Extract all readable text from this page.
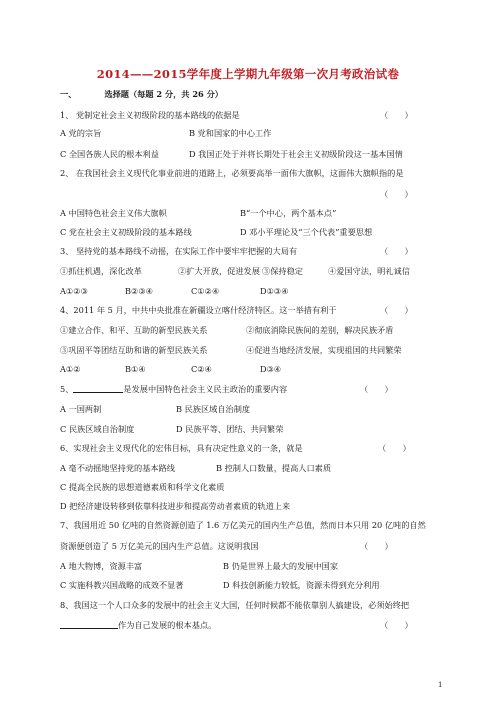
2014——2015学年度上学期九年级第一次月考政治试卷
一、	选择题（每题 2 分，共 26 分）
1、 党制定社会主义初级阶段的基本路线的依据是	（　　）
A 党的宗旨	B 党和国家的中心工作
C 全国各族人民的根本利益	D 我国正处于并将长期处于社会主义初级阶段这一基本国情
2、 在我国社会主义现代化事业前进的道路上，必须要高举一面伟大旗帜，这面伟大旗帜指的是
（　　）
A 中国特色社会主义伟大旗帜	B“一个中心，两个基本点”
C 党在社会主义初级阶段的基本路线	D 邓小平理论及“三个代表”重要思想
3、 坚持党的基本路线不动摇，在实际工作中要牢牢把握的大局有	（　　）
①抓住机遇，深化改革	②扩大开放，促进发展 ③保持稳定	④爱国守法，明礼诚信
A①②③	B②③④	C①②④	D①③④
4、2011 年 5 月，中共中央批准在新疆设立喀什经济特区。这一举措有利于	（　　）
①建立合作、和平、互助的新型民族关系	②彻底消除民族间的差别，解决民族矛盾
③巩固平等团结互助和谐的新型民族关系	④促进当地经济发展，实现祖国的共同繁荣
A①②	B①④	C②④	D③④
5、	是发展中国特色社会主义民主政治的重要内容	（　　）
A 一国两制	B 民族区域自治制度
C 民族区域自治制度	D 民族平等、团结、共同繁荣
6、实现社会主义现代化的宏伟目标，具有决定性意义的一条，就是	（　　）
A 毫不动摇地坚持党的基本路线	B 控制人口数量，提高人口素质
C 提高全民族的思想道德素质和科学文化素质
D 把经济建设转移到依靠科技进步和提高劳动者素质的轨道上来
7、我国用近 50 亿吨的自然资源创造了 1.6 万亿美元的国内生产总值，然而日本只用 20 亿吨的自然
资源便创造了 5 万亿美元的国内生产总值。这说明我国	（　　）
A 地大物博，资源丰富	B 仍是世界上最大的发展中国家
C 实施科教兴国战略的成效不显著	D 科技创新能力较低，资源未得到充分利用
8、我国这一个人口众多的发展中的社会主义大国，任何时候都不能依靠别人搞建设，必须始终把
作为自己发展的根本基点。	（　　）
1
